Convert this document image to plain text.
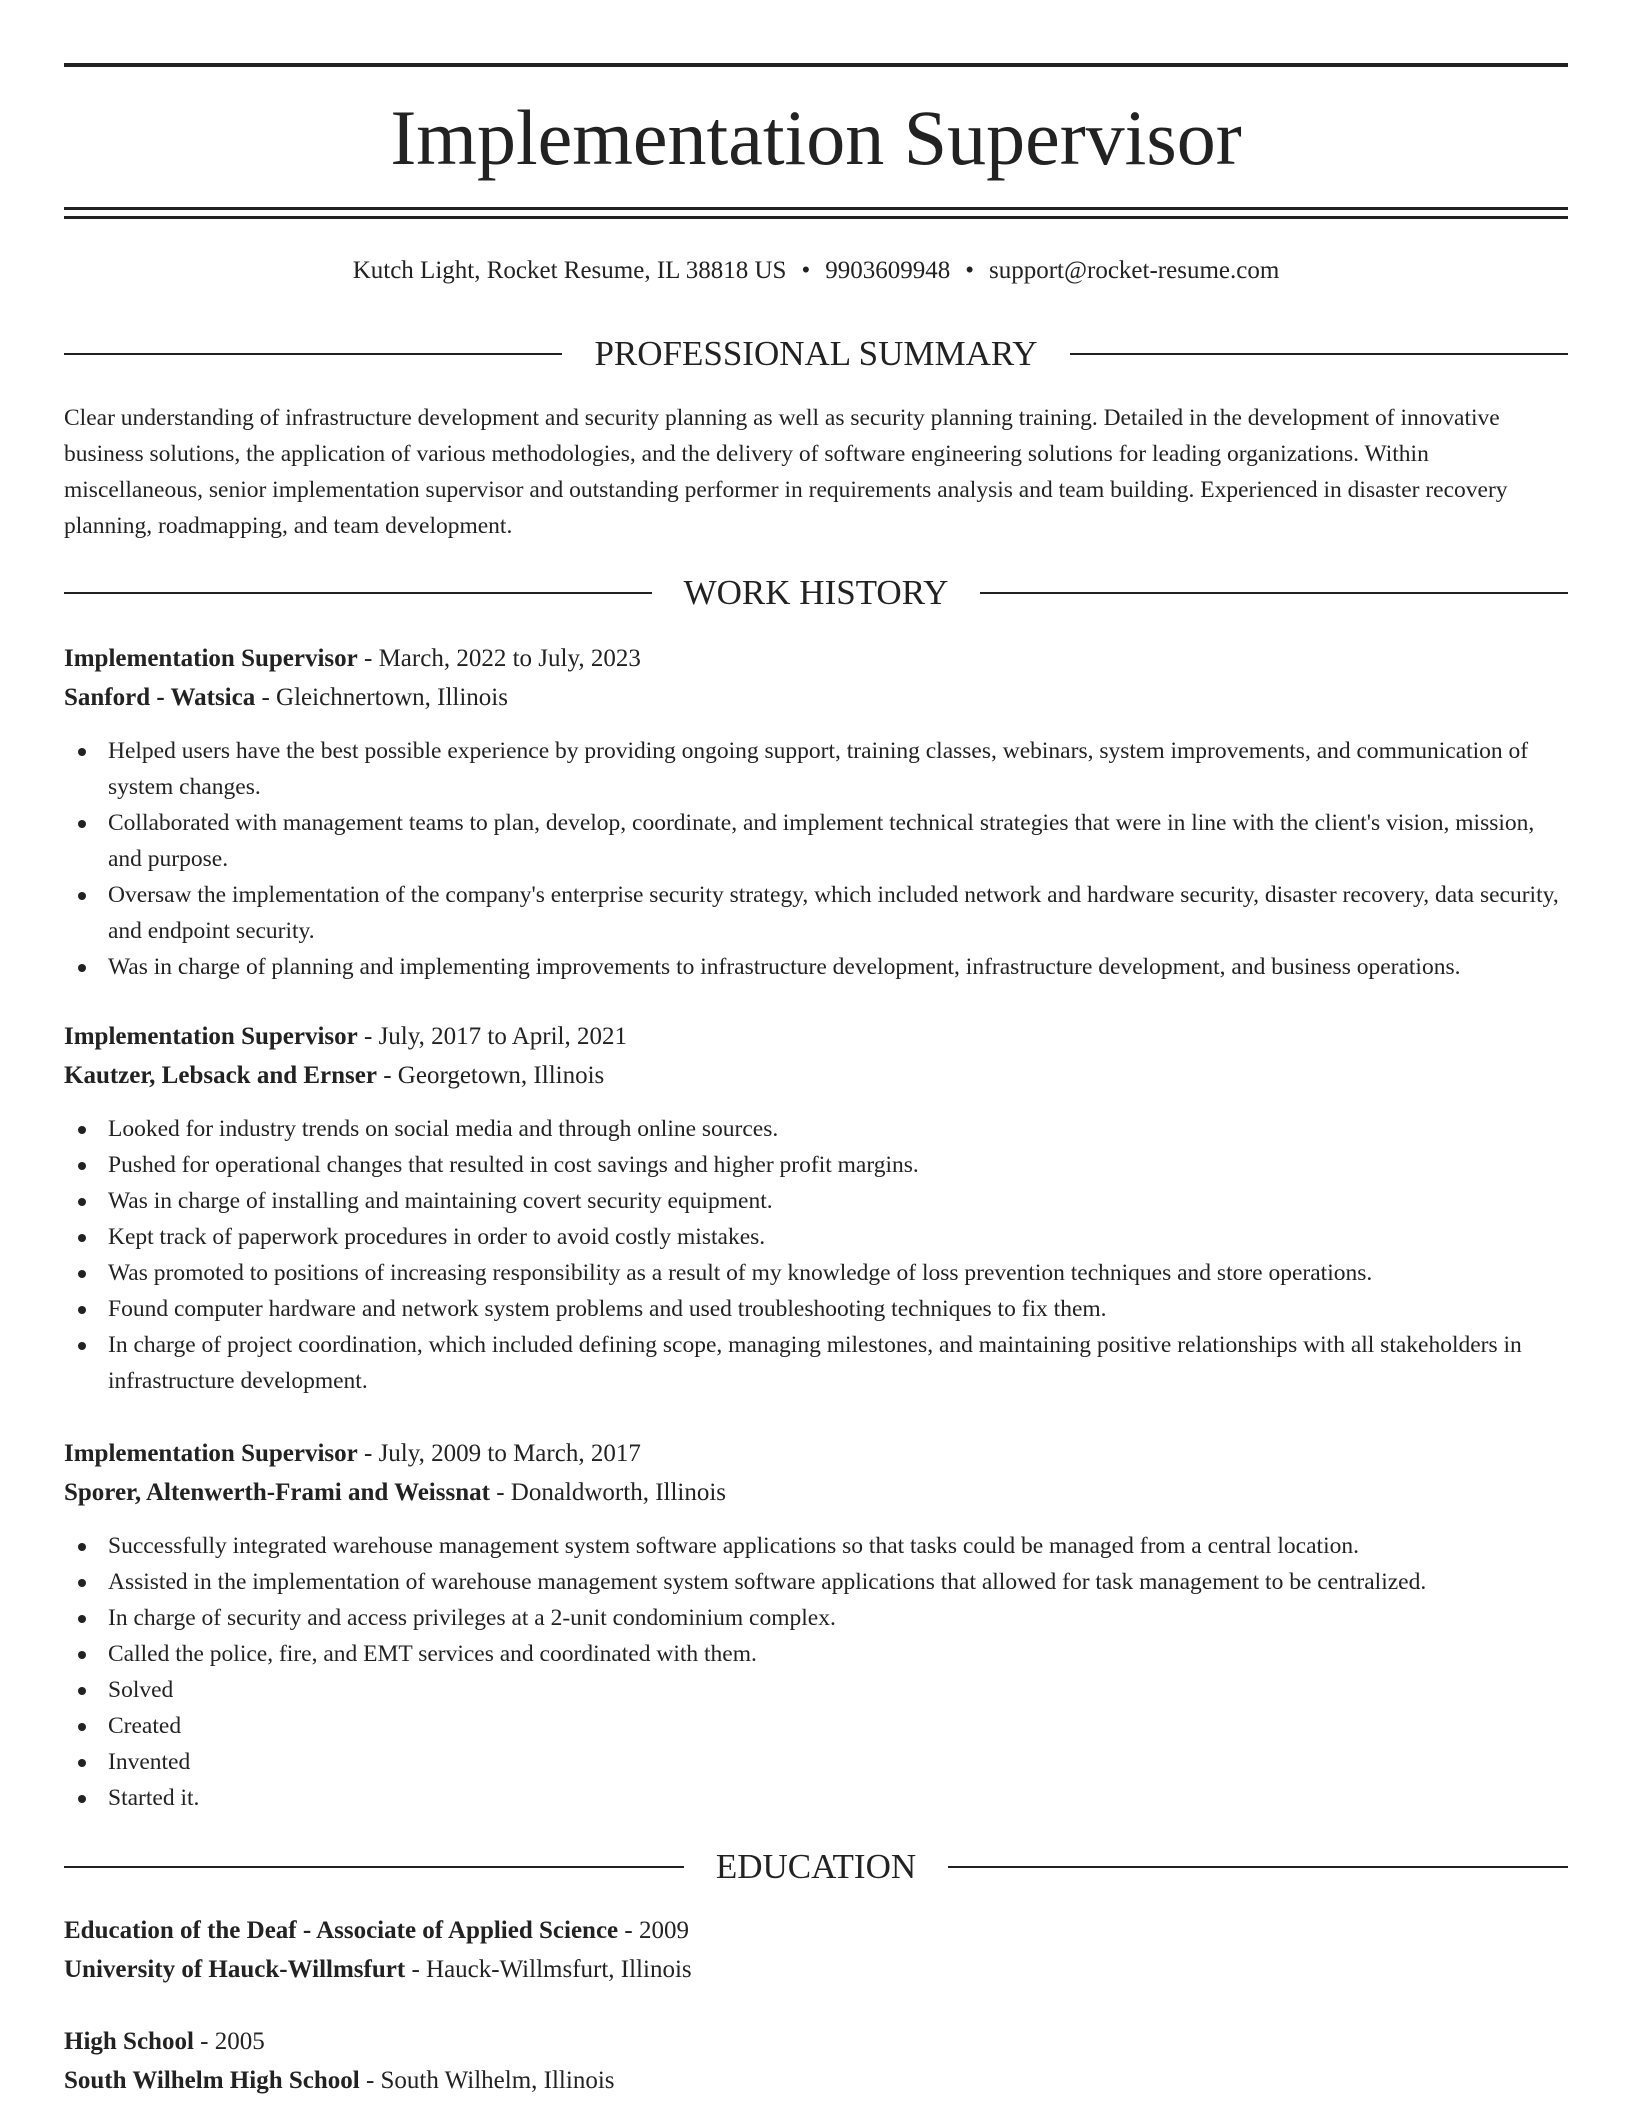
Implementation Supervisor
Kutch Light, Rocket Resume, IL 38818 US • 9903609948 • support@rocket-resume.com
PROFESSIONAL SUMMARY
Clear understanding of infrastructure development and security planning as well as security planning training. Detailed in the development of innovative business solutions, the application of various methodologies, and the delivery of software engineering solutions for leading organizations. Within miscellaneous, senior implementation supervisor and outstanding performer in requirements analysis and team building. Experienced in disaster recovery planning, roadmapping, and team development.
WORK HISTORY
Implementation Supervisor - March, 2022 to July, 2023
Sanford - Watsica - Gleichnertown, Illinois
Helped users have the best possible experience by providing ongoing support, training classes, webinars, system improvements, and communication of system changes.
Collaborated with management teams to plan, develop, coordinate, and implement technical strategies that were in line with the client's vision, mission, and purpose.
Oversaw the implementation of the company's enterprise security strategy, which included network and hardware security, disaster recovery, data security, and endpoint security.
Was in charge of planning and implementing improvements to infrastructure development, infrastructure development, and business operations.
Implementation Supervisor - July, 2017 to April, 2021
Kautzer, Lebsack and Ernser - Georgetown, Illinois
Looked for industry trends on social media and through online sources.
Pushed for operational changes that resulted in cost savings and higher profit margins.
Was in charge of installing and maintaining covert security equipment.
Kept track of paperwork procedures in order to avoid costly mistakes.
Was promoted to positions of increasing responsibility as a result of my knowledge of loss prevention techniques and store operations.
Found computer hardware and network system problems and used troubleshooting techniques to fix them.
In charge of project coordination, which included defining scope, managing milestones, and maintaining positive relationships with all stakeholders in infrastructure development.
Implementation Supervisor - July, 2009 to March, 2017
Sporer, Altenwerth-Frami and Weissnat - Donaldworth, Illinois
Successfully integrated warehouse management system software applications so that tasks could be managed from a central location.
Assisted in the implementation of warehouse management system software applications that allowed for task management to be centralized.
In charge of security and access privileges at a 2-unit condominium complex.
Called the police, fire, and EMT services and coordinated with them.
Solved
Created
Invented
Started it.
EDUCATION
Education of the Deaf - Associate of Applied Science - 2009
University of Hauck-Willmsfurt - Hauck-Willmsfurt, Illinois
High School - 2005
South Wilhelm High School - South Wilhelm, Illinois
